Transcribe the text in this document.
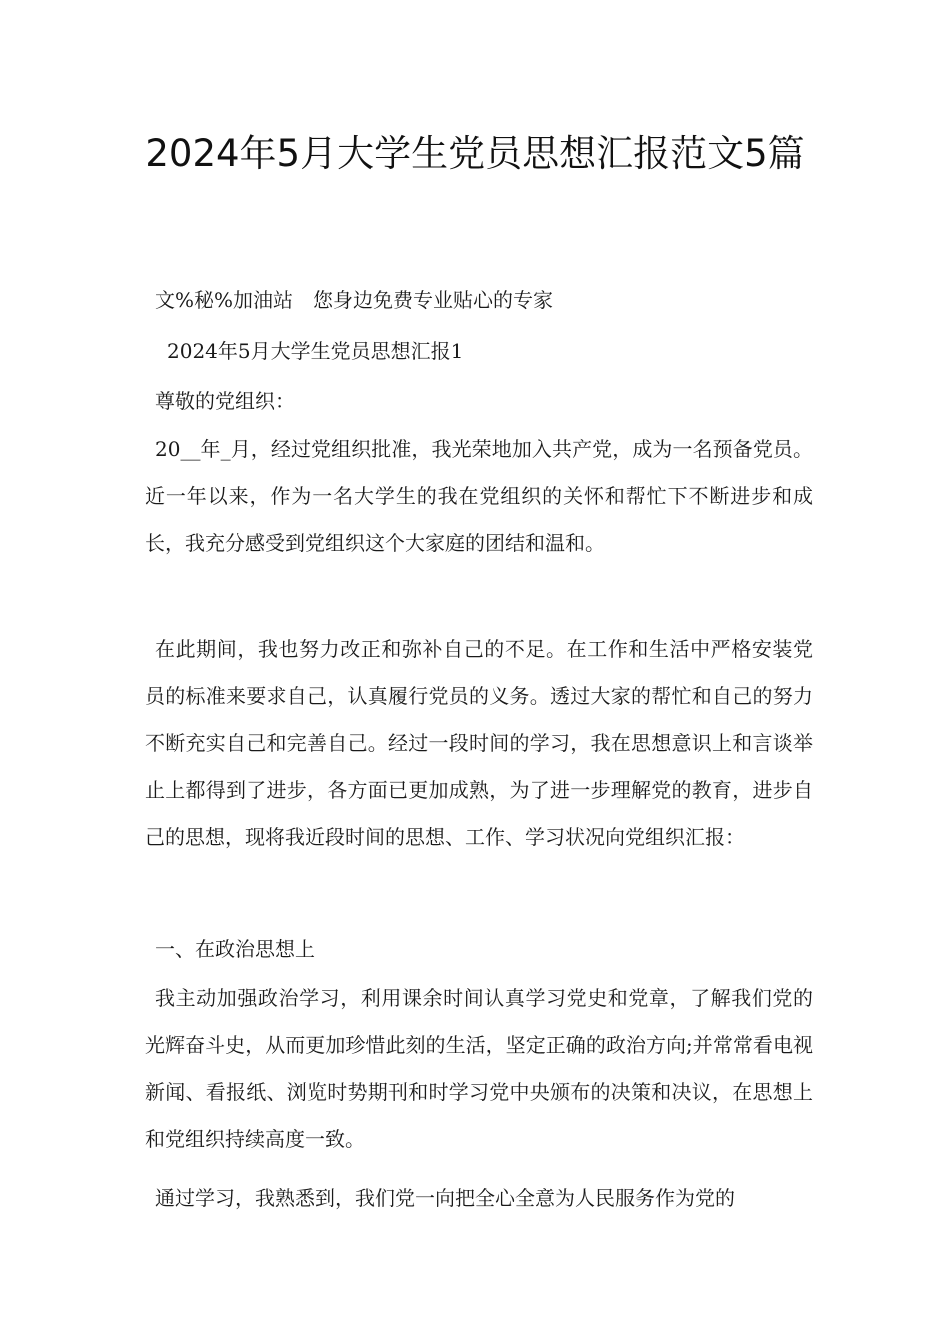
2024年5月大学生党员思想汇报范文5篇
文%秘%加油站　您身边免费专业贴心的专家
2024年5月大学生党员思想汇报1
尊敬的党组织：
20__年_月，经过党组织批准，我光荣地加入共产党，成为一名预备党员。近一年以来，作为一名大学生的我在党组织的关怀和帮忙下不断进步和成长，我充分感受到党组织这个大家庭的团结和温和。
在此期间，我也努力改正和弥补自己的不足。在工作和生活中严格安装党员的标准来要求自己，认真履行党员的义务。透过大家的帮忙和自己的努力不断充实自己和完善自己。经过一段时间的学习，我在思想意识上和言谈举止上都得到了进步，各方面已更加成熟，为了进一步理解党的教育，进步自己的思想，现将我近段时间的思想、工作、学习状况向党组织汇报：
一、在政治思想上
我主动加强政治学习，利用课余时间认真学习党史和党章，了解我们党的光辉奋斗史，从而更加珍惜此刻的生活，坚定正确的政治方向;并常常看电视新闻、看报纸、浏览时势期刊和时学习党中央颁布的决策和决议，在思想上和党组织持续高度一致。
通过学习，我熟悉到，我们党一向把全心全意为人民服务作为党的
